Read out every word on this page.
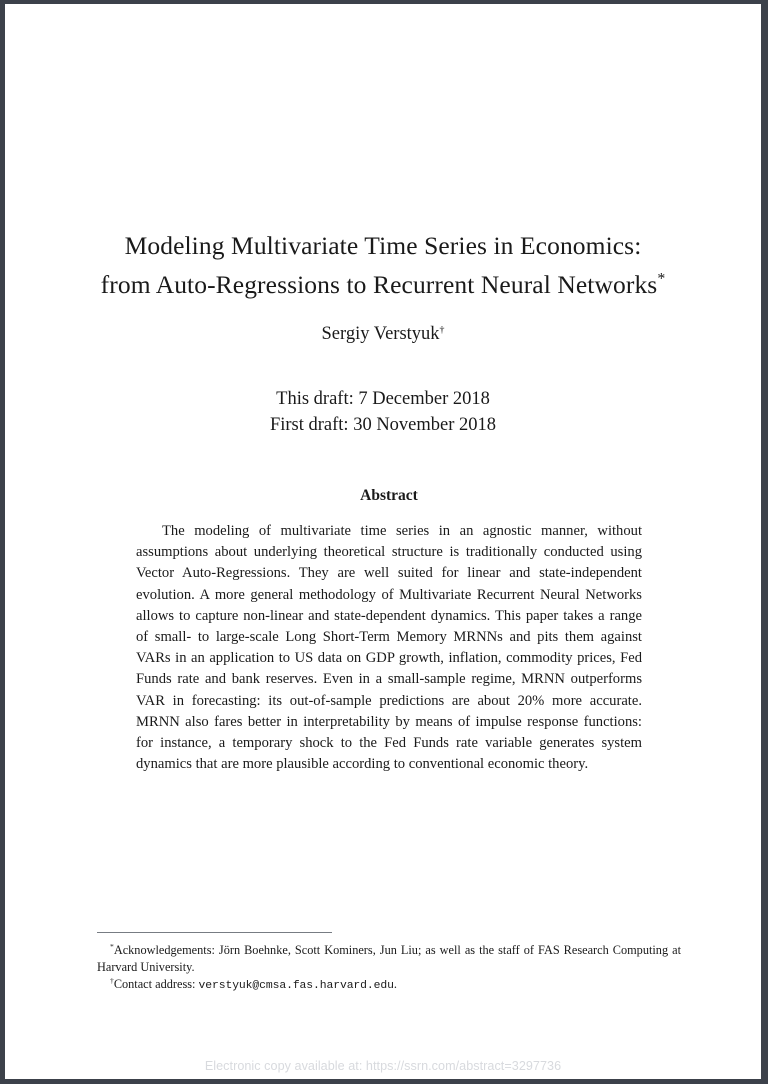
Modeling Multivariate Time Series in Economics:
from Auto-Regressions to Recurrent Neural Networks*
Sergiy Verstyuk†
This draft: 7 December 2018
First draft: 30 November 2018
Abstract
The modeling of multivariate time series in an agnostic manner, without assumptions about underlying theoretical structure is traditionally conducted using Vector Auto-Regressions. They are well suited for linear and state-independent evolution. A more general methodology of Multivariate Recurrent Neural Networks allows to capture non-linear and state-dependent dynamics. This paper takes a range of small- to large-scale Long Short-Term Memory MRNNs and pits them against VARs in an application to US data on GDP growth, inflation, commodity prices, Fed Funds rate and bank reserves. Even in a small-sample regime, MRNN outperforms VAR in forecasting: its out-of-sample predictions are about 20% more accurate. MRNN also fares better in interpretability by means of impulse response functions: for instance, a temporary shock to the Fed Funds rate variable generates system dynamics that are more plausible according to conventional economic theory.

*Acknowledgements: Jörn Boehnke, Scott Kominers, Jun Liu; as well as the staff of FAS Research Computing at Harvard University.

†Contact address: verstyuk@cmsa.fas.harvard.edu.

Electronic copy available at: https://ssrn.com/abstract=3297736
